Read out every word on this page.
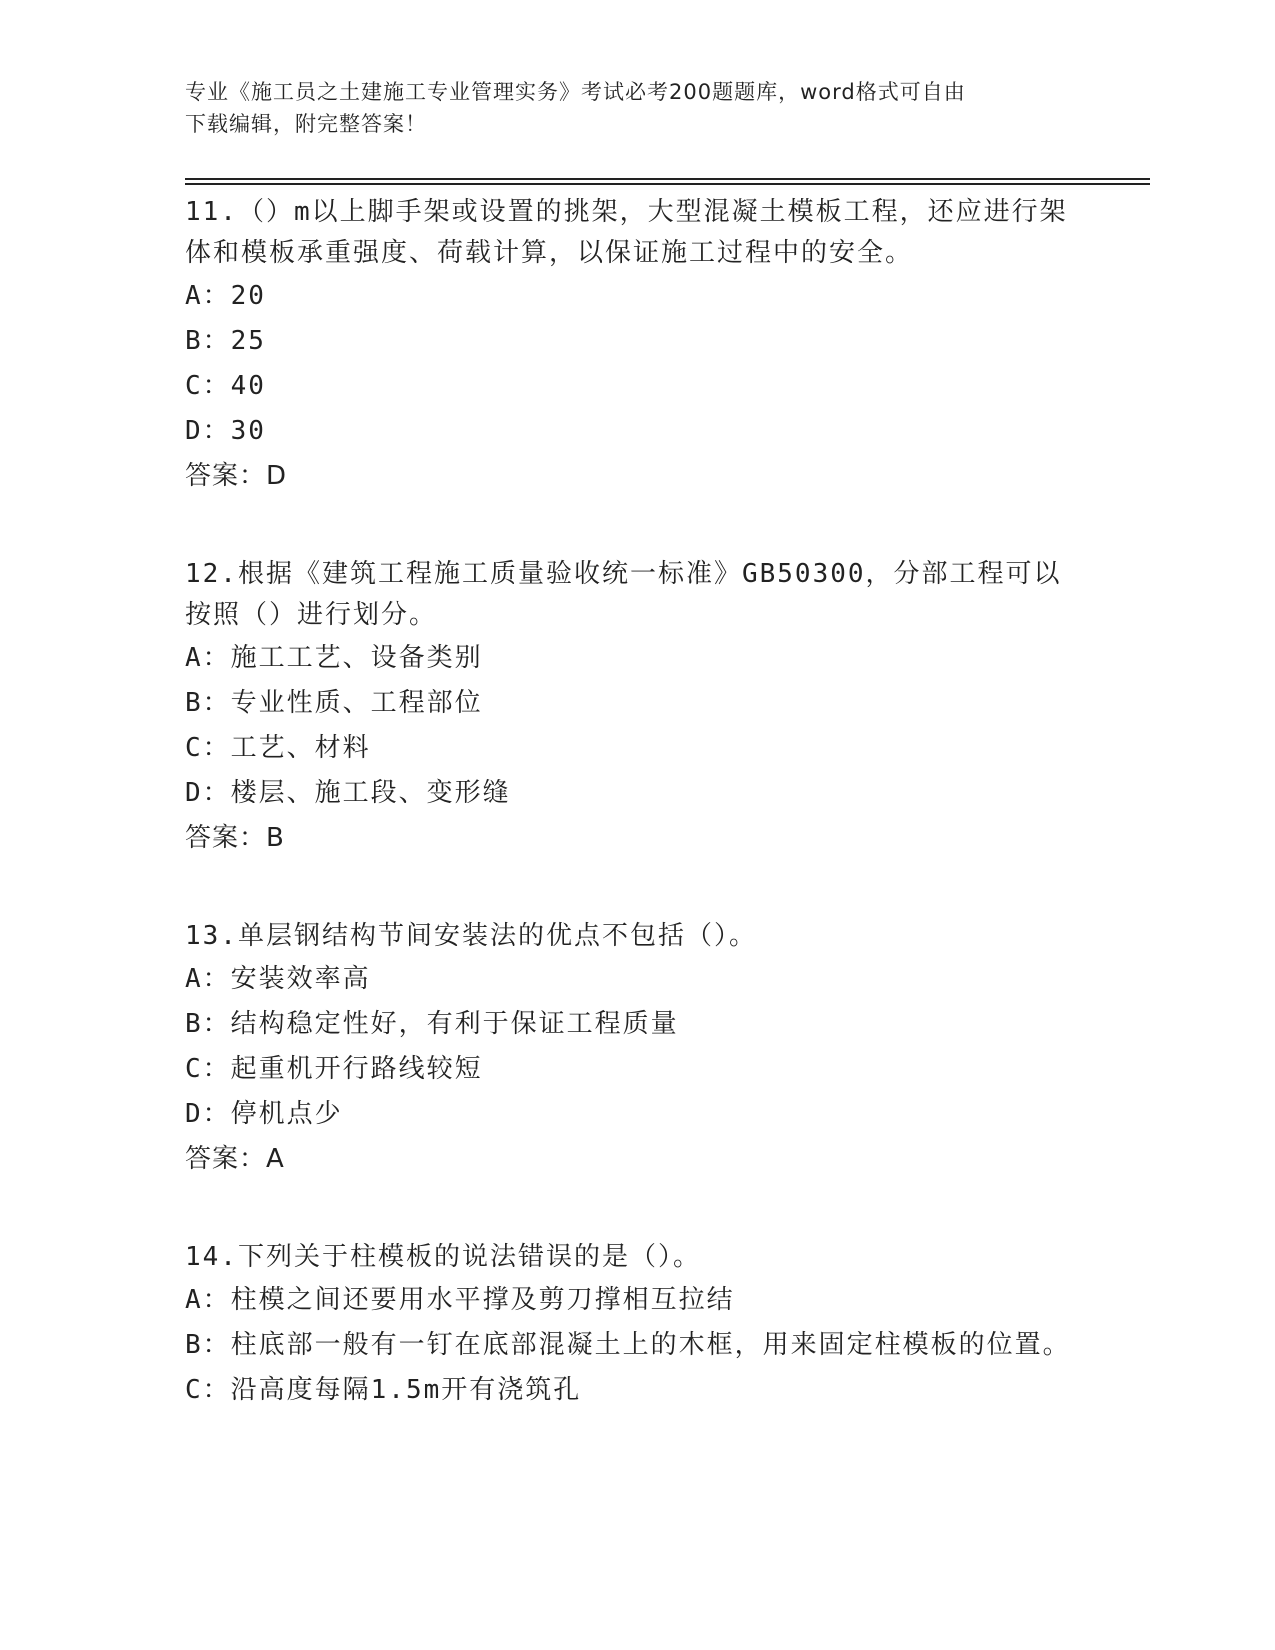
专业《施工员之土建施工专业管理实务》考试必考200题题库，word格式可自由
下载编辑，附完整答案！
11.（）m以上脚手架或设置的挑架，大型混凝土模板工程，还应进行架体和模板承重强度、荷载计算，以保证施工过程中的安全。
A：20
B：25
C：40
D：30
答案：D
12.根据《建筑工程施工质量验收统一标准》GB50300，分部工程可以按照（）进行划分。
A：施工工艺、设备类别
B：专业性质、工程部位
C：工艺、材料
D：楼层、施工段、变形缝
答案：B
13.单层钢结构节间安装法的优点不包括（）。
A：安装效率高
B：结构稳定性好，有利于保证工程质量
C：起重机开行路线较短
D：停机点少
答案：A
14.下列关于柱模板的说法错误的是（）。
A：柱模之间还要用水平撑及剪刀撑相互拉结
B：柱底部一般有一钉在底部混凝土上的木框，用来固定柱模板的位置。
C：沿高度每隔1.5m开有浇筑孔
